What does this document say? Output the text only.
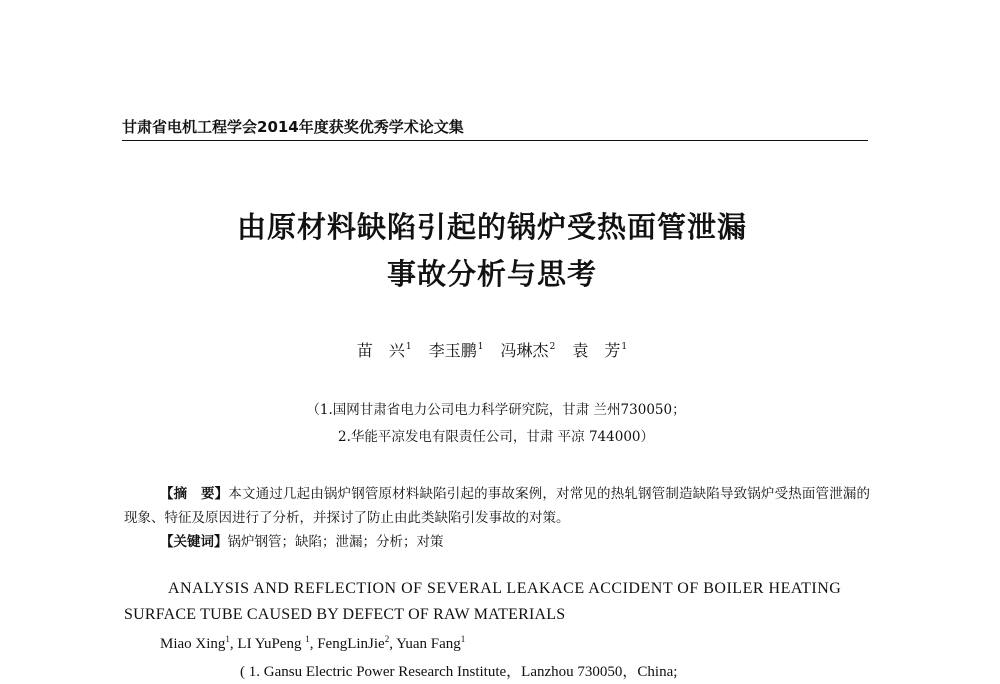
甘肃省电机工程学会2014年度获奖优秀学术论文集
由原材料缺陷引起的锅炉受热面管泄漏
事故分析与思考
苗　兴$^1$ 李玉鹏$^1$ 冯琳杰$^2$ 袁　芳$^1$
（1.国网甘肃省电力公司电力科学研究院，甘肃 兰州730050；
2.华能平凉发电有限责任公司，甘肃 平凉 744000）
【摘　要】本文通过几起由锅炉钢管原材料缺陷引起的事故案例，对常见的热轧钢管制造缺陷导致锅炉受热面管泄漏的现象、特征及原因进行了分析，并探讨了防止由此类缺陷引发事故的对策。
【关键词】锅炉钢管；缺陷；泄漏；分析；对策
ANALYSIS AND REFLECTION OF SEVERAL LEAKACE ACCIDENT OF BOILER HEATING
SURFACE TUBE CAUSED BY DEFECT OF RAW MATERIALS
Miao Xing$^1$, LI YuPeng $^1$, FengLinJie$^2$, Yuan Fang$^1$
( 1. Gansu Electric Power Research Institute，Lanzhou 730050，China;
